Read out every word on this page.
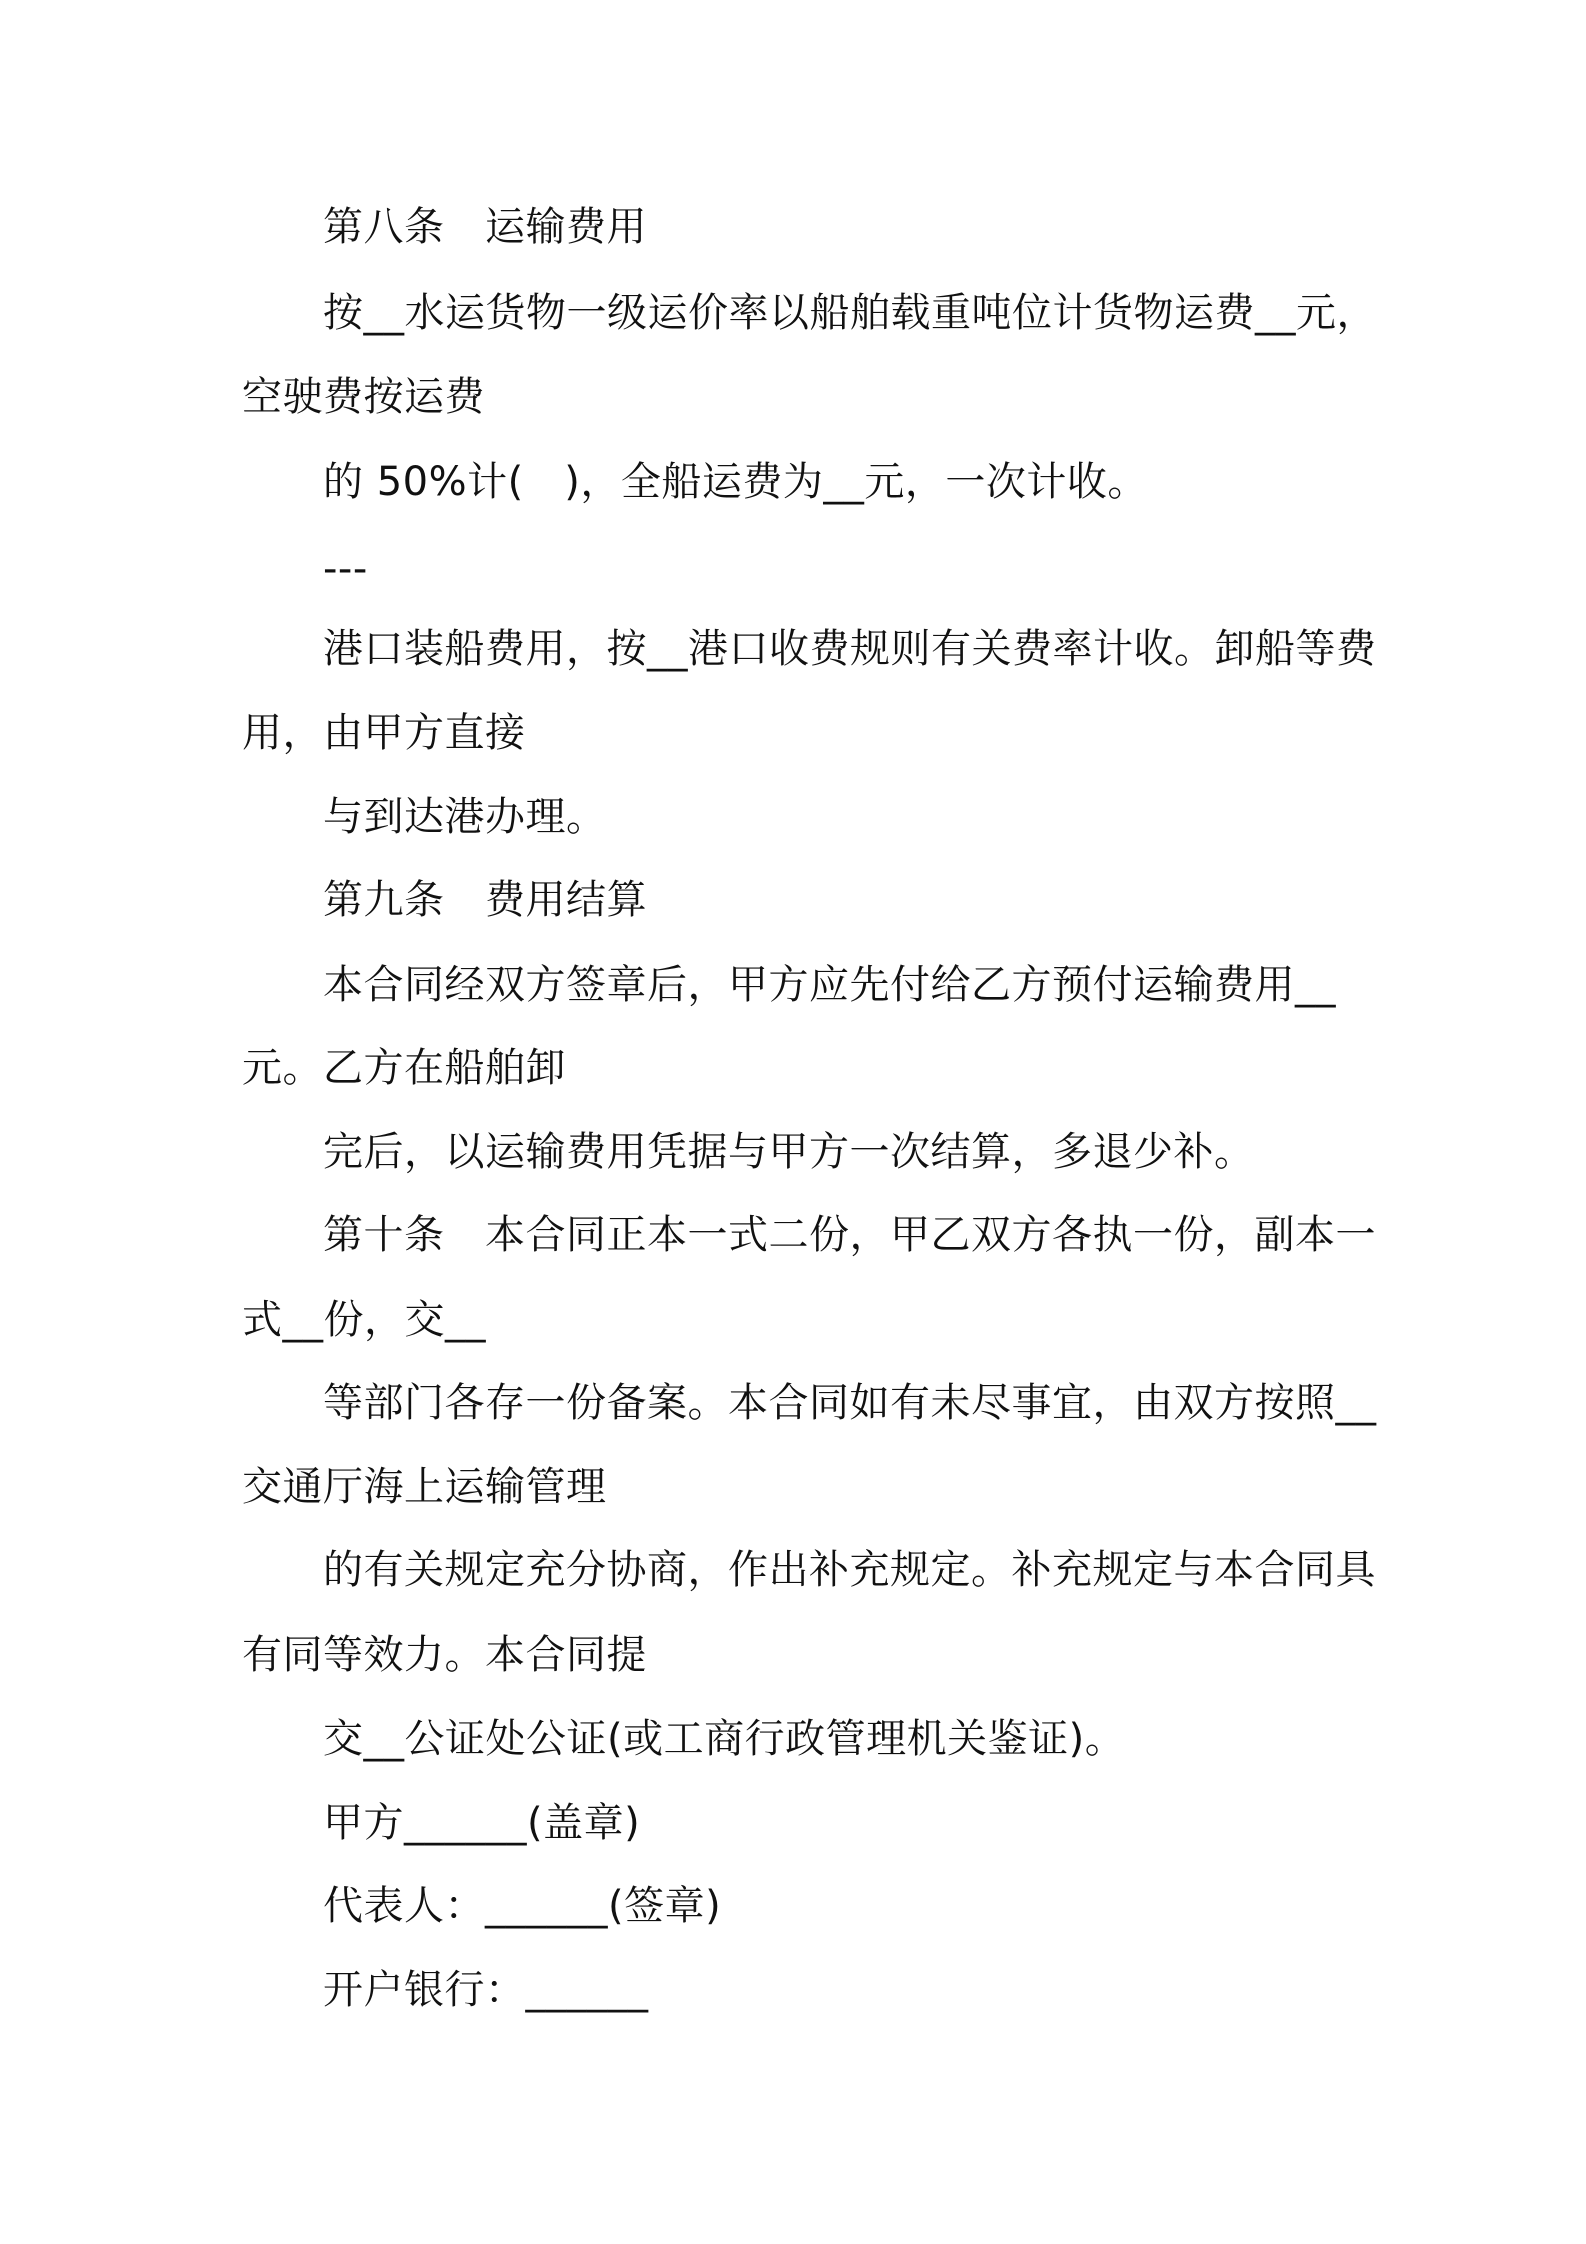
第八条　运输费用
按__水运货物一级运价率以船舶载重吨位计货物运费__元，
空驶费按运费
的 50%计(　)，全船运费为__元，一次计收。
---
港口装船费用，按__港口收费规则有关费率计收。卸船等费
用，由甲方直接
与到达港办理。
第九条　费用结算
本合同经双方签章后，甲方应先付给乙方预付运输费用__
元。乙方在船舶卸
完后，以运输费用凭据与甲方一次结算，多退少补。
第十条　本合同正本一式二份，甲乙双方各执一份，副本一
式__份，交__
等部门各存一份备案。本合同如有未尽事宜，由双方按照__
交通厅海上运输管理
的有关规定充分协商，作出补充规定。补充规定与本合同具
有同等效力。本合同提
交__公证处公证(或工商行政管理机关鉴证)。
甲方______(盖章)
代表人：______(签章)
开户银行：______
